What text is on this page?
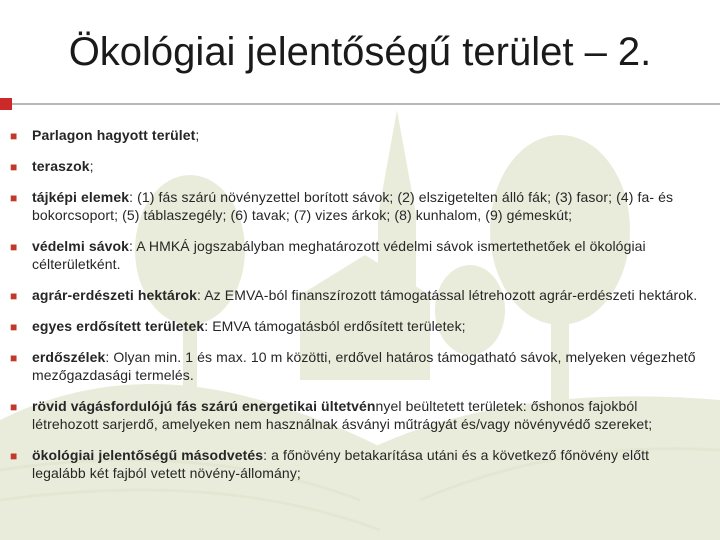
Ökológiai jelentőségű terület – 2.
■ Parlagon hagyott terület;
■ teraszok;
■ tájképi elemek: (1) fás szárú növényzettel borított sávok; (2) elszigetelten álló fák; (3) fasor; (4) fa- és bokorcsoport; (5) táblaszegély; (6) tavak; (7) vizes árkok; (8) kunhalom, (9) gémeskút;
■ védelmi sávok: A HMKÁ jogszabályban meghatározott védelmi sávok ismertethetőek el ökológiai célterületként.
■ agrár-erdészeti hektárok: Az EMVA-ból finanszírozott támogatással létrehozott agrár-erdészeti hektárok.
■ egyes erdősített területek: EMVA támogatásból erdősített területek;
■ erdőszélek: Olyan min. 1 és max. 10 m közötti, erdővel határos támogatható sávok, melyeken végezhető mezőgazdasági termelés.
■ rövid vágásfordulójú fás szárú energetikai ültetvénnyel beültetett területek: őshonos fajokból létrehozott sarjerdő, amelyeken nem használnak ásványi műtrágyát és/vagy növényvédő szereket;
■ ökológiai jelentőségű másodvetés: a főnövény betakarítása utáni és a következő főnövény előtt legalább két fajból vetett növény-állomány;
